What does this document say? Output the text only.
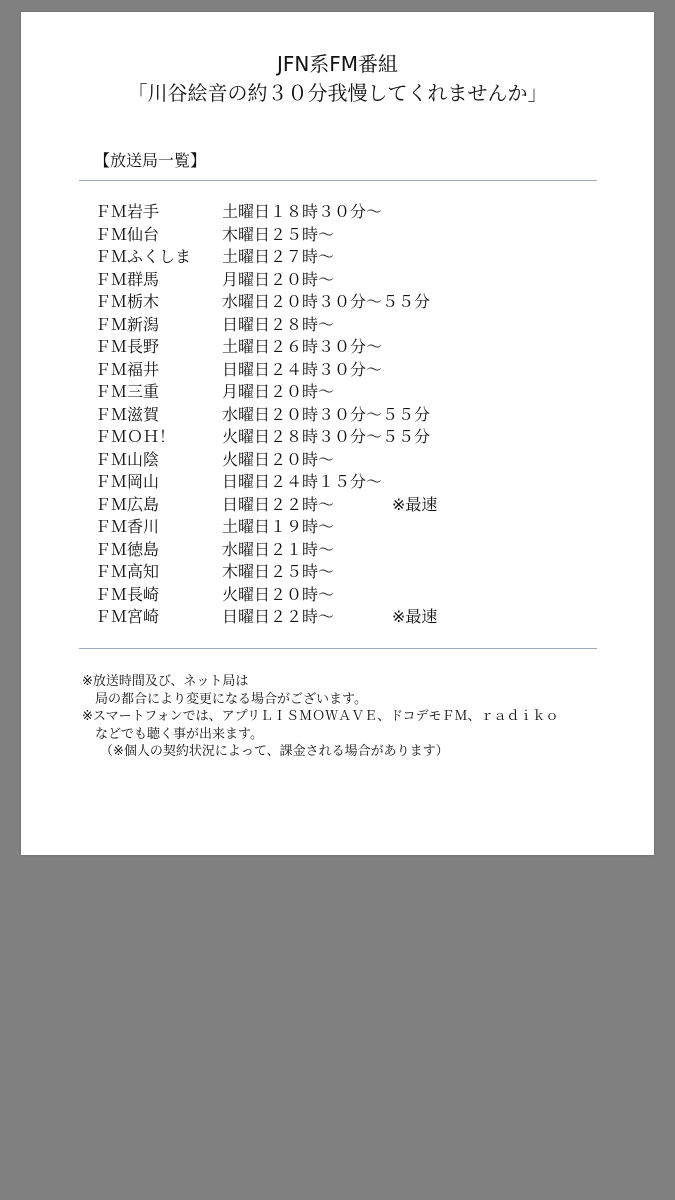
JFN系FM番組
「川谷絵音の約３０分我慢してくれませんか」
【放送局一覧】
ＦＭ岩手	土曜日１８時３０分～
ＦＭ仙台	木曜日２５時～
ＦＭふくしま 土曜日２７時～
ＦＭ群馬	月曜日２０時～
ＦＭ栃木	水曜日２０時３０分～５５分
ＦＭ新潟	日曜日２８時～
ＦＭ長野	土曜日２６時３０分～
ＦＭ福井	日曜日２４時３０分～
ＦＭ三重	月曜日２０時～
ＦＭ滋賀	水曜日２０時３０分～５５分
ＦＭＯＨ！	火曜日２８時３０分～５５分
ＦＭ山陰	火曜日２０時～
ＦＭ岡山	日曜日２４時１５分～
ＦＭ広島	日曜日２２時～	※最速
ＦＭ香川	土曜日１９時～
ＦＭ徳島	水曜日２１時～
ＦＭ高知	木曜日２５時～
ＦＭ長崎	火曜日２０時～
ＦＭ宮崎	日曜日２２時～	※最速
※放送時間及び、ネット局は
局の都合により変更になる場合がございます。
※スマートフォンでは、アプリＬＩＳＭＯＷＡＶＥ、ドコデモＦＭ、ｒａｄｉｋｏ
などでも聴く事が出来ます。
（※個人の契約状況によって、課金される場合があります）
